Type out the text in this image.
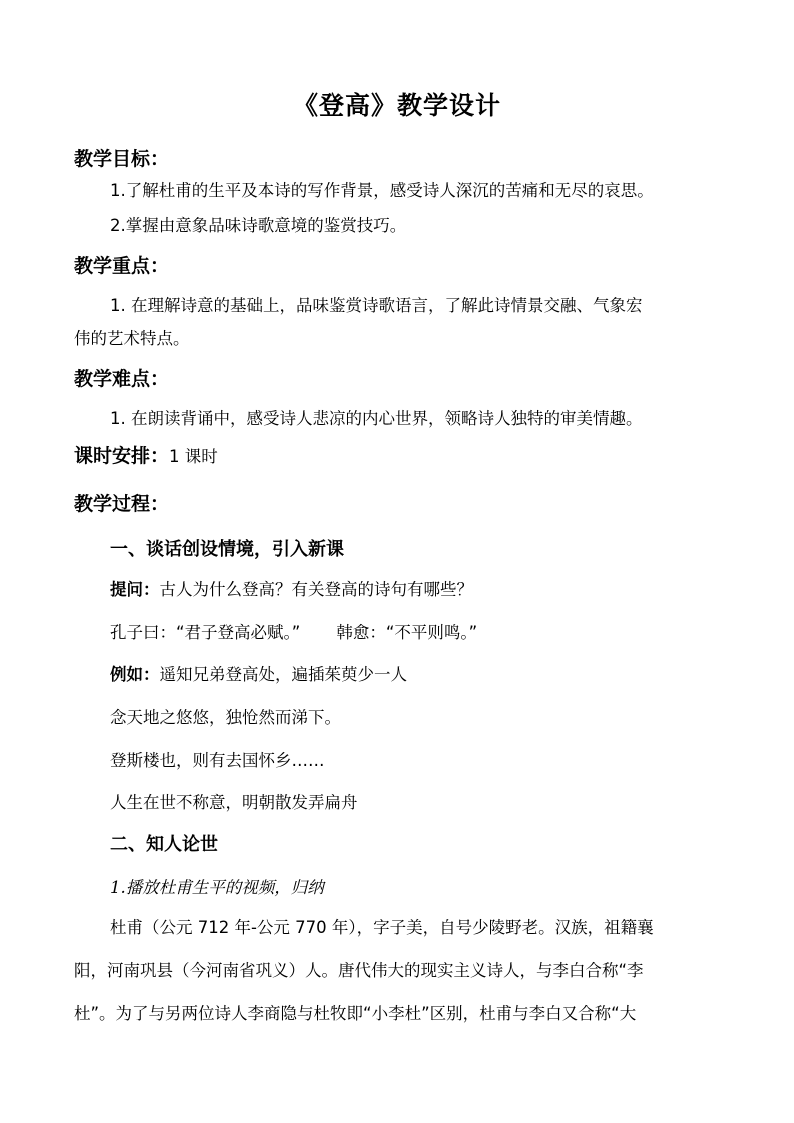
《登高》教学设计
教学目标：
1.了解杜甫的生平及本诗的写作背景，感受诗人深沉的苦痛和无尽的哀思。
2.掌握由意象品味诗歌意境的鉴赏技巧。
教学重点：
1. 在理解诗意的基础上，品味鉴赏诗歌语言，了解此诗情景交融、气象宏
伟的艺术特点。
教学难点：
1. 在朗读背诵中，感受诗人悲凉的内心世界，领略诗人独特的审美情趣。
课时安排：1 课时
教学过程：
一、谈话创设情境，引入新课
提问：古人为什么登高？有关登高的诗句有哪些？
孔子曰：“君子登高必赋。” 韩愈：“不平则鸣。”
例如：遥知兄弟登高处，遍插茱萸少一人
念天地之悠悠，独怆然而涕下。
登斯楼也，则有去国怀乡……
人生在世不称意，明朝散发弄扁舟
二、知人论世
1.播放杜甫生平的视频，归纳
杜甫（公元 712 年-公元 770 年），字子美，自号少陵野老。汉族，祖籍襄
阳，河南巩县（今河南省巩义）人。唐代伟大的现实主义诗人，与李白合称“李
杜”。为了与另两位诗人李商隐与杜牧即“小李杜”区别，杜甫与李白又合称“大
